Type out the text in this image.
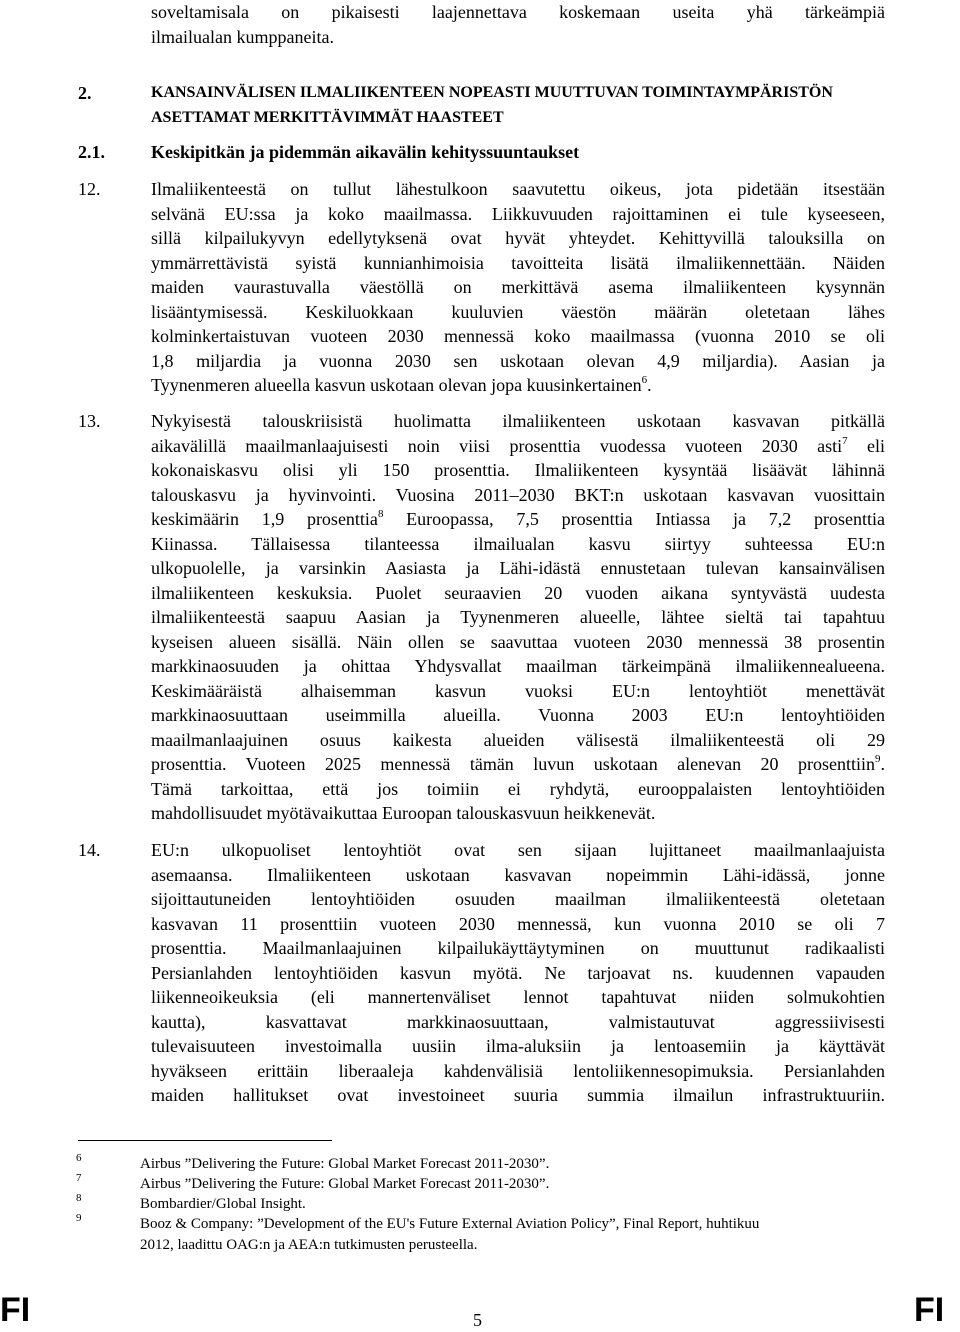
soveltamisala on pikaisesti laajennettava koskemaan useita yhä tärkeämpiä
ilmailualan kumppaneita.
2.	KANSAINVÄLISEN ILMALIIKENTEEN NOPEASTI MUUTTUVAN TOIMINTAYMPÄRISTÖN
ASETTAMAT MERKITTÄVIMMÄT HAASTEET
2.1.	Keskipitkän ja pidemmän aikavälin kehityssuuntaukset
12.	Ilmaliikenteestä on tullut lähestulkoon saavutettu oikeus, jota pidetään itsestään
selvänä EU:ssa ja koko maailmassa. Liikkuvuuden rajoittaminen ei tule kyseeseen,
sillä kilpailukyvyn edellytyksenä ovat hyvät yhteydet. Kehittyvillä talouksilla on
ymmärrettävistä syistä kunnianhimoisia tavoitteita lisätä ilmaliikennettään. Näiden
maiden vaurastuvalla väestöllä on merkittävä asema ilmaliikenteen kysynnän
lisääntymisessä. Keskiluokkaan kuuluvien väestön määrän oletetaan lähes
kolminkertaistuvan vuoteen 2030 mennessä koko maailmassa (vuonna 2010 se oli
1,8 miljardia ja vuonna 2030 sen uskotaan olevan 4,9 miljardia). Aasian ja
Tyynenmeren alueella kasvun uskotaan olevan jopa kuusinkertainen$^6$.
13.	Nykyisestä talouskriisistä huolimatta ilmaliikenteen uskotaan kasvavan pitkällä
aikavälillä maailmanlaajuisesti noin viisi prosenttia vuodessa vuoteen 2030 asti$^7$ eli
kokonaiskasvu olisi yli 150 prosenttia. Ilmaliikenteen kysyntää lisäävät lähinnä
talouskasvu ja hyvinvointi. Vuosina 2011–2030 BKT:n uskotaan kasvavan vuosittain
keskimäärin 1,9 prosenttia$^8$ Euroopassa, 7,5 prosenttia Intiassa ja 7,2 prosenttia
Kiinassa. Tällaisessa tilanteessa ilmailualan kasvu siirtyy suhteessa EU:n
ulkopuolelle, ja varsinkin Aasiasta ja Lähi-idästä ennustetaan tulevan kansainvälisen
ilmaliikenteen keskuksia. Puolet seuraavien 20 vuoden aikana syntyvästä uudesta
ilmaliikenteestä saapuu Aasian ja Tyynenmeren alueelle, lähtee sieltä tai tapahtuu
kyseisen alueen sisällä. Näin ollen se saavuttaa vuoteen 2030 mennessä 38 prosentin
markkinaosuuden ja ohittaa Yhdysvallat maailman tärkeimpänä ilmaliikennealueena.
Keskimääräistä alhaisemman kasvun vuoksi EU:n lentoyhtiöt menettävät
markkinaosuuttaan useimmilla alueilla. Vuonna 2003 EU:n lentoyhtiöiden
maailmanlaajuinen osuus kaikesta alueiden välisestä ilmaliikenteestä oli 29
prosenttia. Vuoteen 2025 mennessä tämän luvun uskotaan alenevan 20 prosenttiin$^9$.
Tämä tarkoittaa, että jos toimiin ei ryhdytä, eurooppalaisten lentoyhtiöiden
mahdollisuudet myötävaikuttaa Euroopan talouskasvuun heikkenevät.
14.	EU:n ulkopuoliset lentoyhtiöt ovat sen sijaan lujittaneet maailmanlaajuista
asemaansa. Ilmaliikenteen uskotaan kasvavan nopeimmin Lähi-idässä, jonne
sijoittautuneiden lentoyhtiöiden osuuden maailman ilmaliikenteestä oletetaan
kasvavan 11 prosenttiin vuoteen 2030 mennessä, kun vuonna 2010 se oli 7
prosenttia. Maailmanlaajuinen kilpailukäyttäytyminen on muuttunut radikaalisti
Persianlahden lentoyhtiöiden kasvun myötä. Ne tarjoavat ns. kuudennen vapauden
liikenneoikeuksia (eli mannertenväliset lennot tapahtuvat niiden solmukohtien
kautta), kasvattavat markkinaosuuttaan, valmistautuvat aggressiivisesti
tulevaisuuteen investoimalla uusiin ilma-aluksiin ja lentoasemiin ja käyttävät
hyväkseen erittäin liberaaleja kahdenvälisiä lentoliikennesopimuksia. Persianlahden
maiden hallitukset ovat investoineet suuria summia ilmailun infrastruktuuriin.
6	Airbus ”Delivering the Future: Global Market Forecast 2011-2030”.
7	Airbus ”Delivering the Future: Global Market Forecast 2011-2030”.
8	Bombardier/Global Insight.
9	Booz & Company: ”Development of the EU's Future External Aviation Policy”, Final Report, huhtikuu
2012, laadittu OAG:n ja AEA:n tutkimusten perusteella.
FI	5	FI
